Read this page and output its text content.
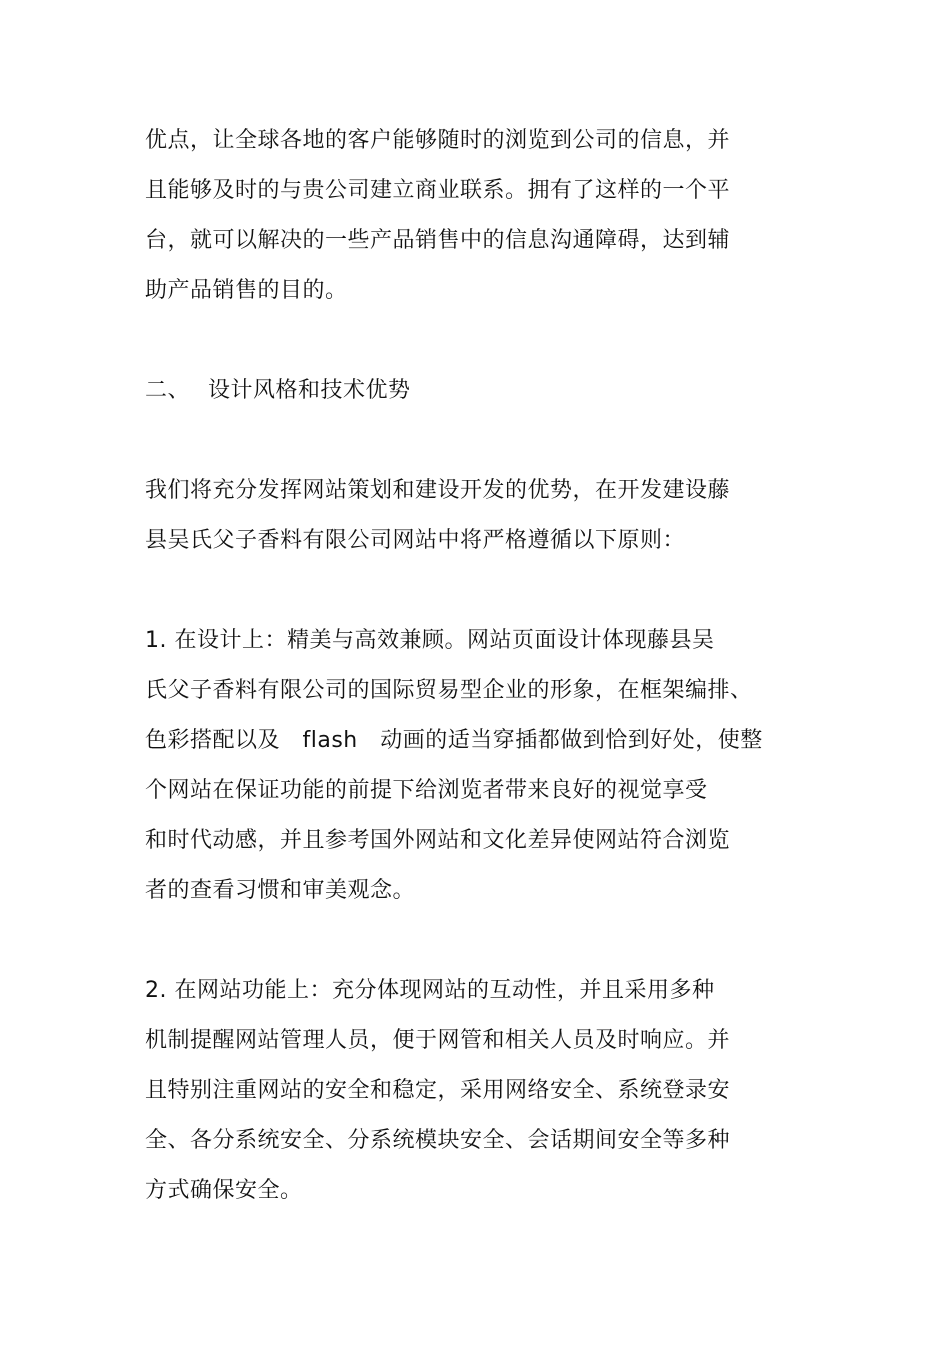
优点，让全球各地的客户能够随时的浏览到公司的信息，并
且能够及时的与贵公司建立商业联系。拥有了这样的一个平
台，就可以解决的一些产品销售中的信息沟通障碍，达到辅
助产品销售的目的。
二、 设计风格和技术优势
我们将充分发挥网站策划和建设开发的优势，在开发建设藤
县吴氏父子香料有限公司网站中将严格遵循以下原则：
1. 在设计上：精美与高效兼顾。网站页面设计体现藤县吴
氏父子香料有限公司的国际贸易型企业的形象，在框架编排、
色彩搭配以及　flash　动画的适当穿插都做到恰到好处，使整
个网站在保证功能的前提下给浏览者带来良好的视觉享受
和时代动感，并且参考国外网站和文化差异使网站符合浏览
者的查看习惯和审美观念。
2. 在网站功能上：充分体现网站的互动性，并且采用多种
机制提醒网站管理人员，便于网管和相关人员及时响应。并
且特别注重网站的安全和稳定，采用网络安全、系统登录安
全、各分系统安全、分系统模块安全、会话期间安全等多种
方式确保安全。
